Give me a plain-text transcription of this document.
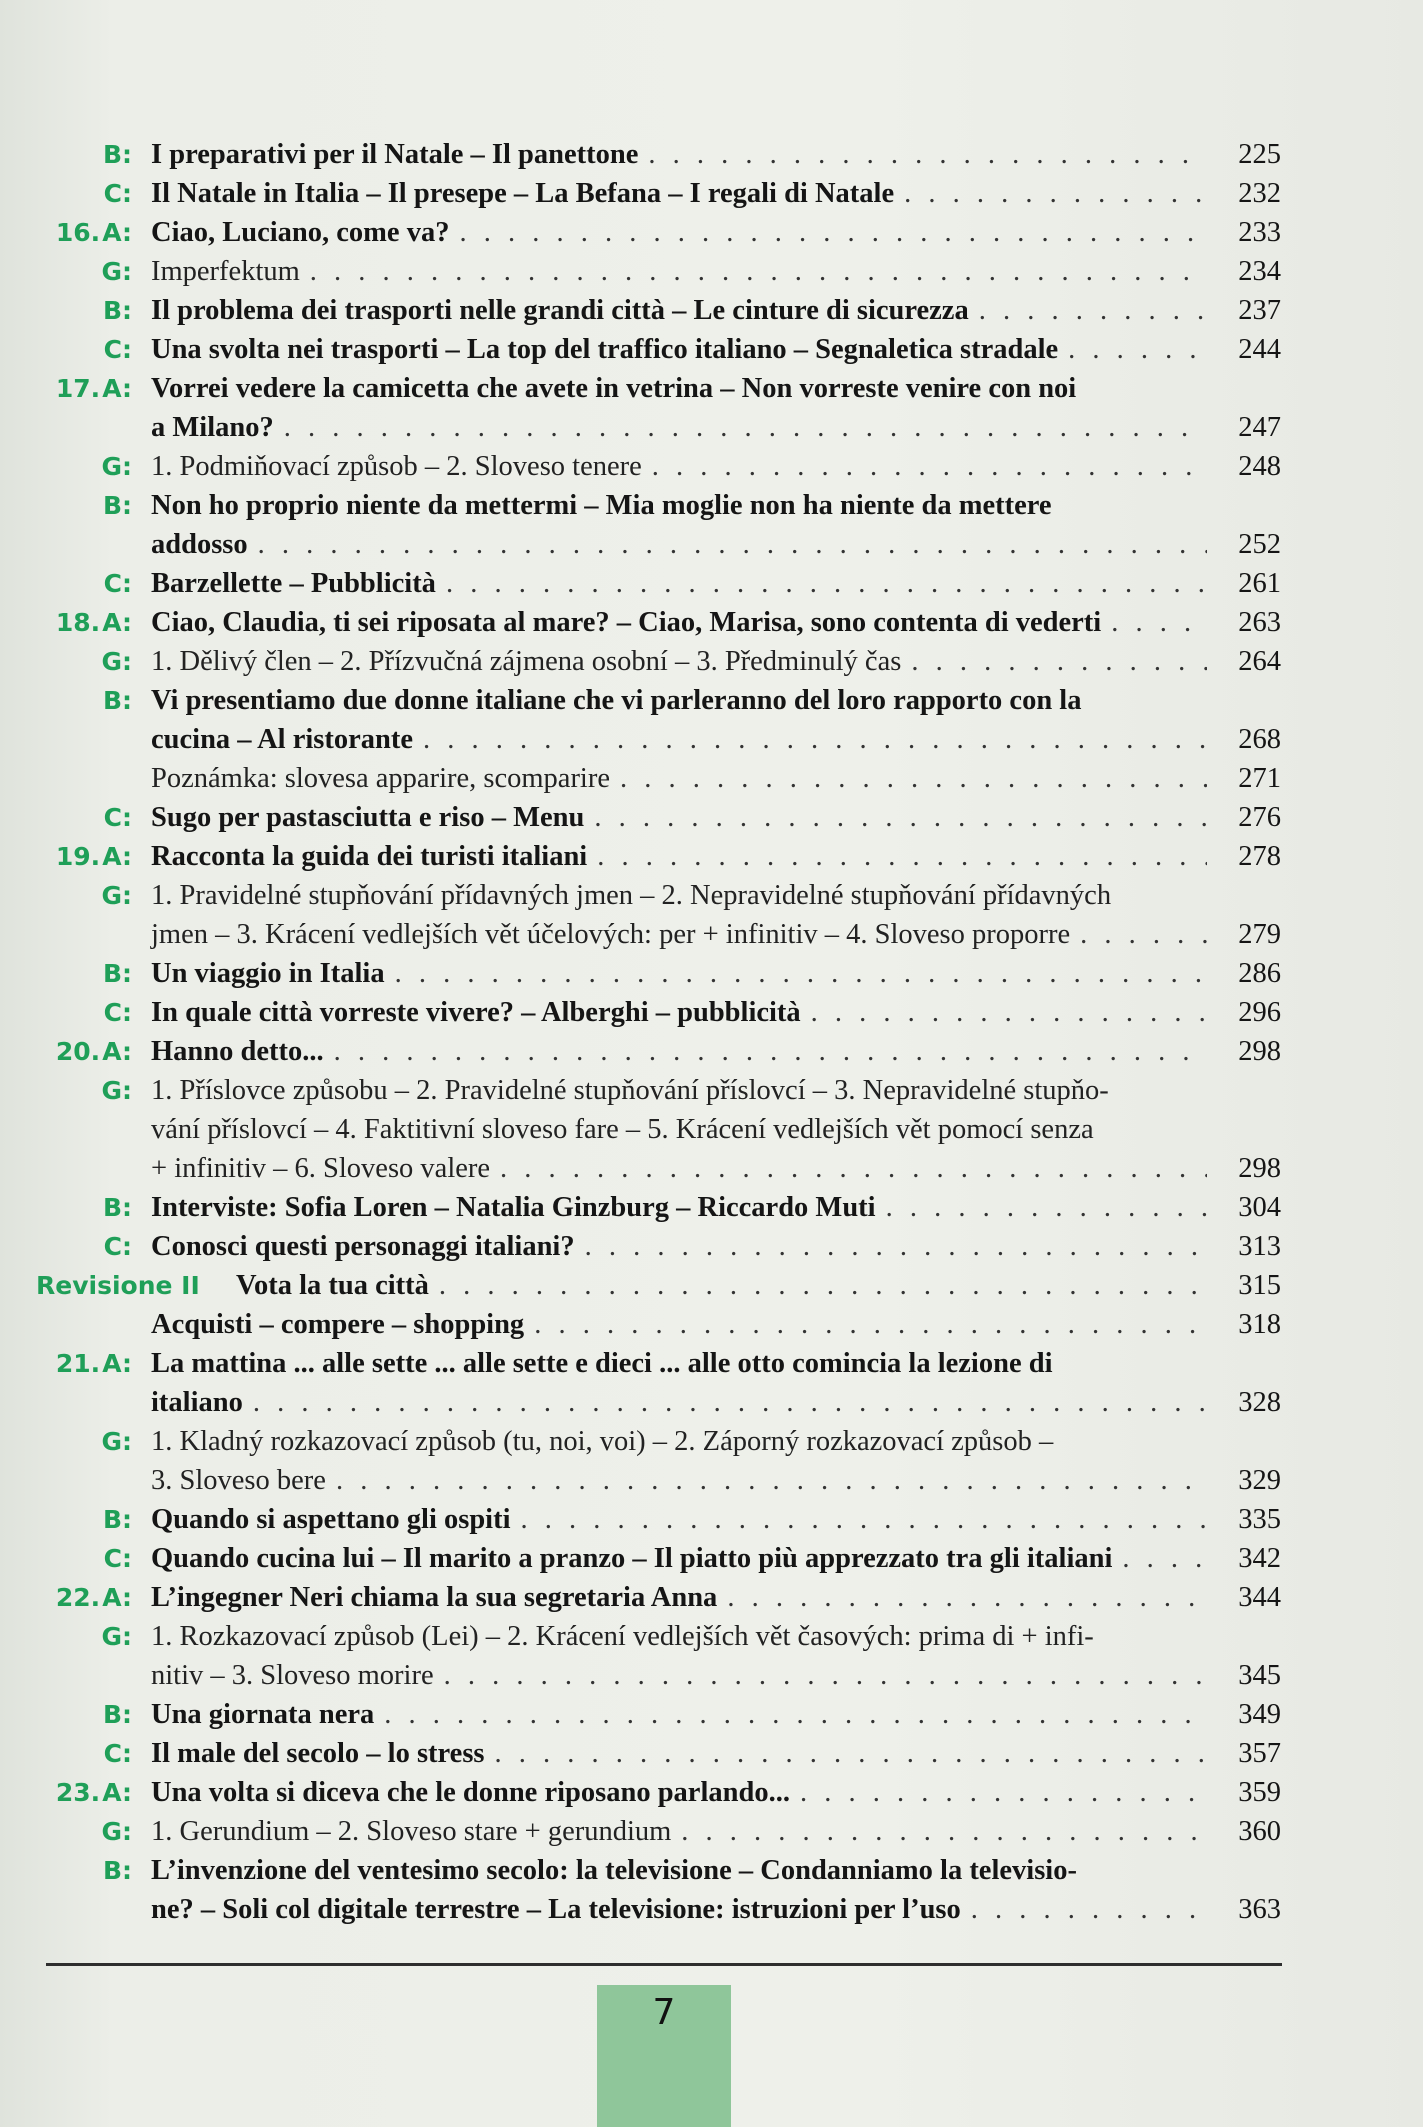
B: I preparativi per il Natale – Il panettone . . .	225
C: Il Natale in Italia – Il presepe – La Befana – I regali di Natale . . .	232
16.A: Ciao, Luciano, come va? . . .	233
G: Imperfektum . . .	234
B: Il problema dei trasporti nelle grandi città – Le cinture di sicurezza . . .	237
C: Una svolta nei trasporti – La top del traffico italiano – Segnaletica stradale . . .	244
17.A: Vorrei vedere la camicetta che avete in vetrina – Non vorreste venire con noi
a Milano? . . .	247
G: 1. Podmiňovací způsob – 2. Sloveso tenere . . .	248
B: Non ho proprio niente da mettermi – Mia moglie non ha niente da mettere
addosso . . .	252
C: Barzellette – Pubblicità . . .	261
18.A: Ciao, Claudia, ti sei riposata al mare? – Ciao, Marisa, sono contenta di vederti . . .	263
G: 1. Dělivý člen – 2. Přízvučná zájmena osobní – 3. Předminulý čas . . .	264
B: Vi presentiamo due donne italiane che vi parleranno del loro rapporto con la
cucina – Al ristorante . . .	268
Poznámka: slovesa apparire, scomparire . . .	271
C: Sugo per pastasciutta e riso – Menu . . .	276
19.A: Racconta la guida dei turisti italiani . . .	278
G: 1. Pravidelné stupňování přídavných jmen – 2. Nepravidelné stupňování přídavných
jmen – 3. Krácení vedlejších vět účelových: per + infinitiv – 4. Sloveso proporre . . .	279
B: Un viaggio in Italia . . .	286
C: In quale città vorreste vivere? – Alberghi – pubblicità . . .	296
20.A: Hanno detto... . . .	298
G: 1. Příslovce způsobu – 2. Pravidelné stupňování příslovcí – 3. Nepravidelné stupňo-
vání příslovcí – 4. Faktitivní sloveso fare – 5. Krácení vedlejších vět pomocí senza
+ infinitiv – 6. Sloveso valere . . .	298
B: Interviste: Sofia Loren – Natalia Ginzburg – Riccardo Muti . . .	304
C: Conosci questi personaggi italiani? . . .	313
Revisione II Vota la tua città . . .	315
Acquisti – compere – shopping . . .	318
21.A: La mattina ... alle sette ... alle sette e dieci ... alle otto comincia la lezione di
italiano . . .	328
G: 1. Kladný rozkazovací způsob (tu, noi, voi) – 2. Záporný rozkazovací způsob –
3. Sloveso bere . . .	329
B: Quando si aspettano gli ospiti . . .	335
C: Quando cucina lui – Il marito a pranzo – Il piatto più apprezzato tra gli italiani . . .	342
22.A: L’ingegner Neri chiama la sua segretaria Anna . . .	344
G: 1. Rozkazovací způsob (Lei) – 2. Krácení vedlejších vět časových: prima di + infi-
nitiv – 3. Sloveso morire . . .	345
B: Una giornata nera . . .	349
C: Il male del secolo – lo stress . . .	357
23.A: Una volta si diceva che le donne riposano parlando... . . .	359
G: 1. Gerundium – 2. Sloveso stare + gerundium . . .	360
B: L’invenzione del ventesimo secolo: la televisione – Condanniamo la televisio-
ne? – Soli col digitale terrestre – La televisione: istruzioni per l’uso . . .	363
7
